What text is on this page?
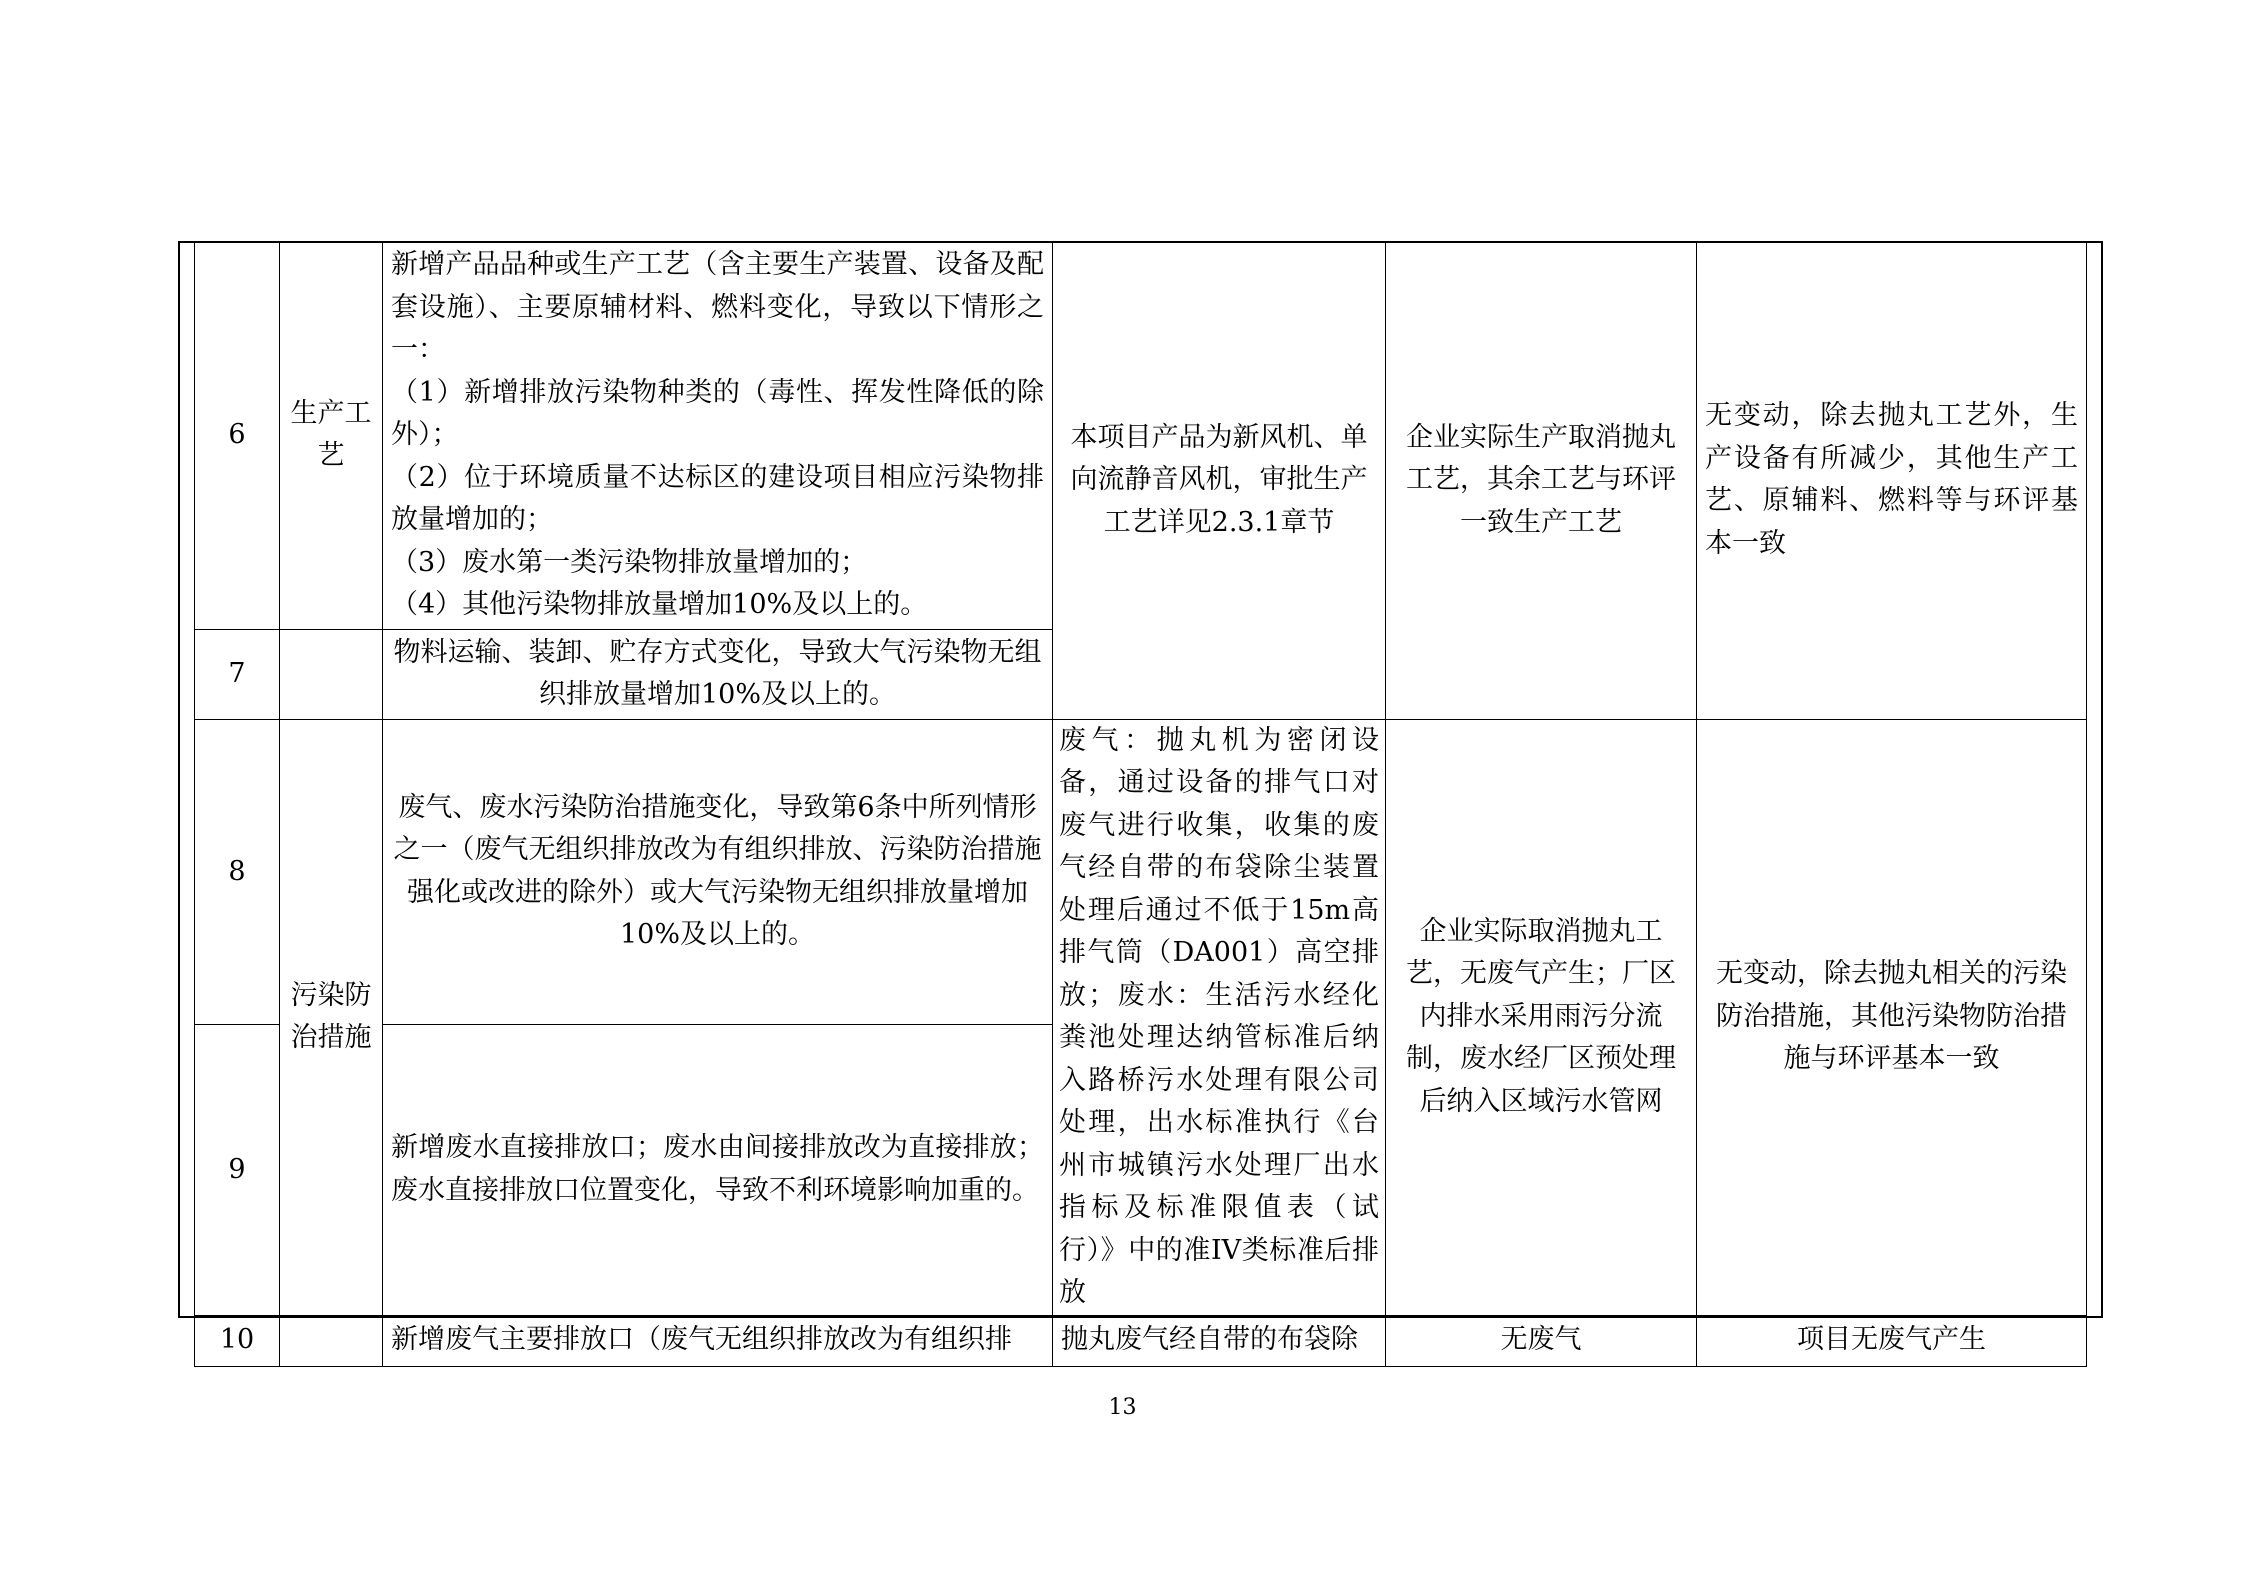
6	生产工艺	新增产品品种或生产工艺（含主要生产装置、设备及配套设施）、主要原辅材料、燃料变化，导致以下情形之一：
（1）新增排放污染物种类的（毒性、挥发性降低的除外）；
（2）位于环境质量不达标区的建设项目相应污染物排放量增加的；
（3）废水第一类污染物排放量增加的；
（4）其他污染物排放量增加10%及以上的。	本项目产品为新风机、单向流静音风机，审批生产工艺详见2.3.1章节	企业实际生产取消抛丸工艺，其余工艺与环评一致生产工艺	无变动，除去抛丸工艺外，生产设备有所减少，其他生产工艺、原辅料、燃料等与环评基本一致
7		物料运输、装卸、贮存方式变化，导致大气污染物无组织排放量增加10%及以上的。			
8	污染防治措施	废气、废水污染防治措施变化，导致第6条中所列情形之一（废气无组织排放改为有组织排放、污染防治措施强化或改进的除外）或大气污染物无组织排放量增加10%及以上的。	废气：抛丸机为密闭设备，通过设备的排气口对废气进行收集，收集的废气经自带的布袋除尘装置处理后通过不低于15m高排气筒（DA001）高空排放；废水：生活污水经化粪池处理达纳管标准后纳入路桥污水处理有限公司处理，出水标准执行《台州市城镇污水处理厂出水指标及标准限值表（试行）》中的准IV类标准后排放	企业实际取消抛丸工艺，无废气产生；厂区内排水采用雨污分流制，废水经厂区预处理后纳入区域污水管网	无变动，除去抛丸相关的污染防治措施，其他污染物防治措施与环评基本一致
9		新增废水直接排放口；废水由间接排放改为直接排放；废水直接排放口位置变化，导致不利环境影响加重的。			
10		新增废气主要排放口（废气无组织排放改为有组织排	抛丸废气经自带的布袋除	无废气	项目无废气产生
13
